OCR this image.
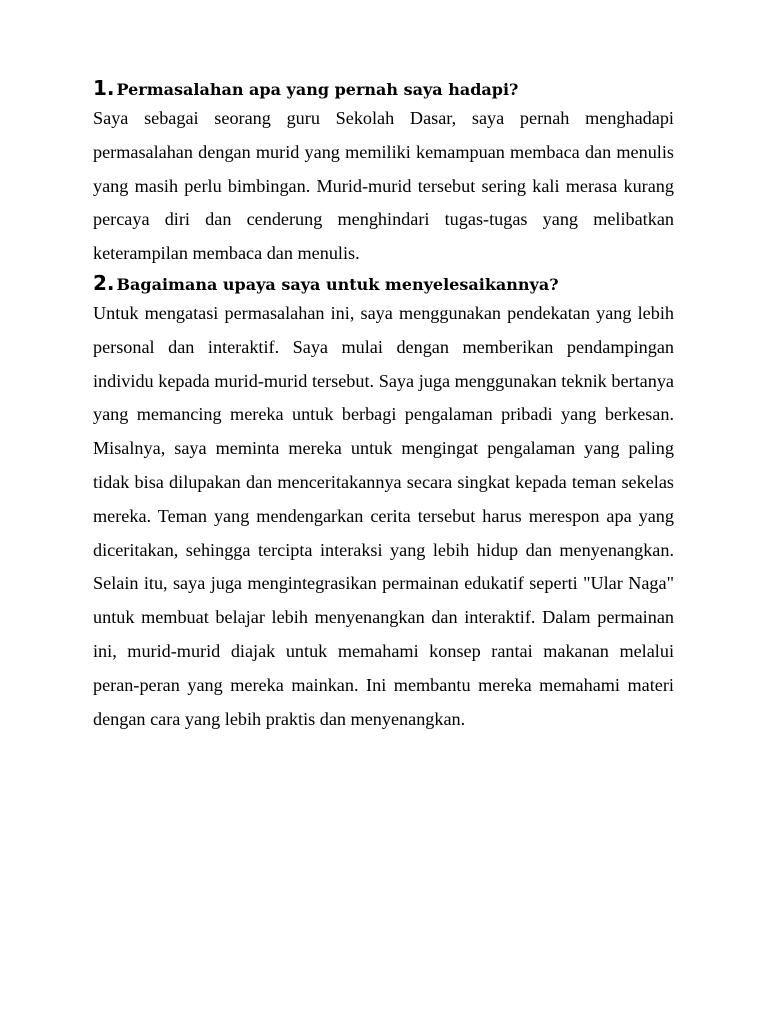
1. Permasalahan apa yang pernah saya hadapi?

Saya sebagai seorang guru Sekolah Dasar, saya pernah menghadapi permasalahan dengan murid yang memiliki kemampuan membaca dan menulis yang masih perlu bimbingan. Murid-murid tersebut sering kali merasa kurang percaya diri dan cenderung menghindari tugas-tugas yang melibatkan keterampilan membaca dan menulis.

2. Bagaimana upaya saya untuk menyelesaikannya?

Untuk mengatasi permasalahan ini, saya menggunakan pendekatan yang lebih personal dan interaktif. Saya mulai dengan memberikan pendampingan individu kepada murid-murid tersebut. Saya juga menggunakan teknik bertanya yang memancing mereka untuk berbagi pengalaman pribadi yang berkesan. Misalnya, saya meminta mereka untuk mengingat pengalaman yang paling tidak bisa dilupakan dan menceritakannya secara singkat kepada teman sekelas mereka. Teman yang mendengarkan cerita tersebut harus merespon apa yang diceritakan, sehingga tercipta interaksi yang lebih hidup dan menyenangkan. Selain itu, saya juga mengintegrasikan permainan edukatif seperti "Ular Naga" untuk membuat belajar lebih menyenangkan dan interaktif. Dalam permainan ini, murid-murid diajak untuk memahami konsep rantai makanan melalui peran-peran yang mereka mainkan. Ini membantu mereka memahami materi dengan cara yang lebih praktis dan menyenangkan.
